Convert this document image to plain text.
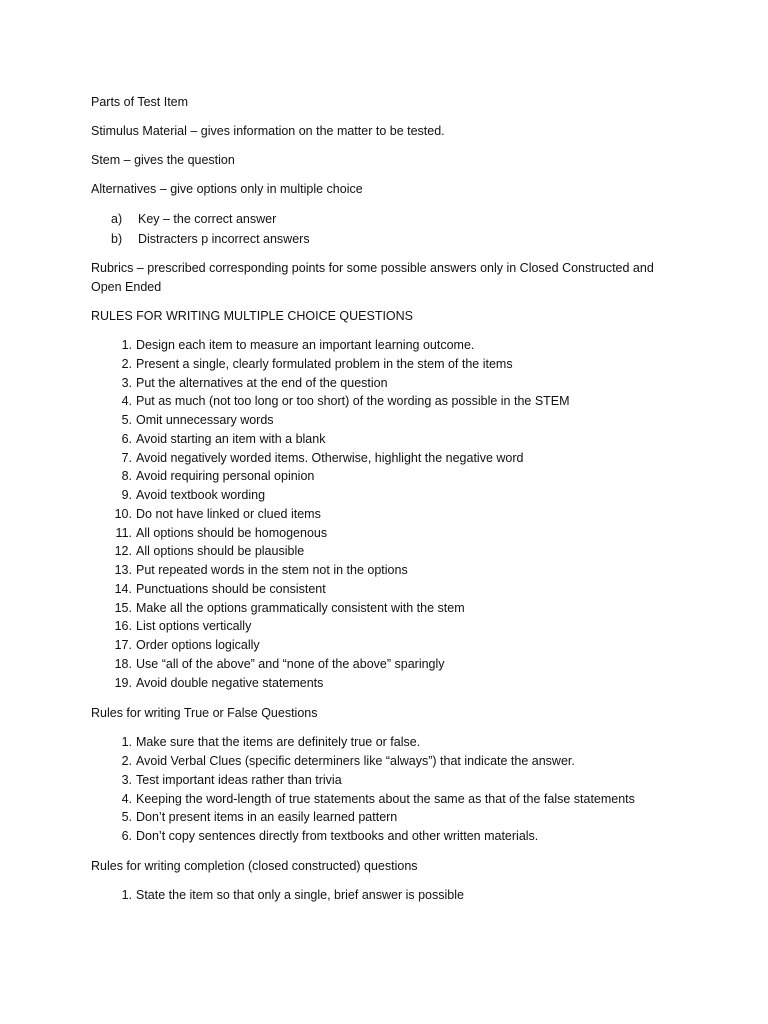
Parts of Test Item

Stimulus Material – gives information on the matter to be tested.

Stem – gives the question

Alternatives – give options only in multiple choice

a)	Key – the correct answer
b)	Distracters p incorrect answers

Rubrics – prescribed corresponding points for some possible answers only in Closed Constructed and
Open Ended

RULES FOR WRITING MULTIPLE CHOICE QUESTIONS

1. Design each item to measure an important learning outcome.
2. Present a single, clearly formulated problem in the stem of the items
3. Put the alternatives at the end of the question
4. Put as much (not too long or too short) of the wording as possible in the STEM
5. Omit unnecessary words
6. Avoid starting an item with a blank
7. Avoid negatively worded items. Otherwise, highlight the negative word
8. Avoid requiring personal opinion
9. Avoid textbook wording
10. Do not have linked or clued items
11. All options should be homogenous
12. All options should be plausible
13. Put repeated words in the stem not in the options
14. Punctuations should be consistent
15. Make all the options grammatically consistent with the stem
16. List options vertically
17. Order options logically
18. Use “all of the above” and “none of the above” sparingly
19. Avoid double negative statements

Rules for writing True or False Questions

1. Make sure that the items are definitely true or false.
2. Avoid Verbal Clues (specific determiners like “always”) that indicate the answer.
3. Test important ideas rather than trivia
4. Keeping the word-length of true statements about the same as that of the false statements
5. Don’t present items in an easily learned pattern
6. Don’t copy sentences directly from textbooks and other written materials.

Rules for writing completion (closed constructed) questions

1. State the item so that only a single, brief answer is possible
